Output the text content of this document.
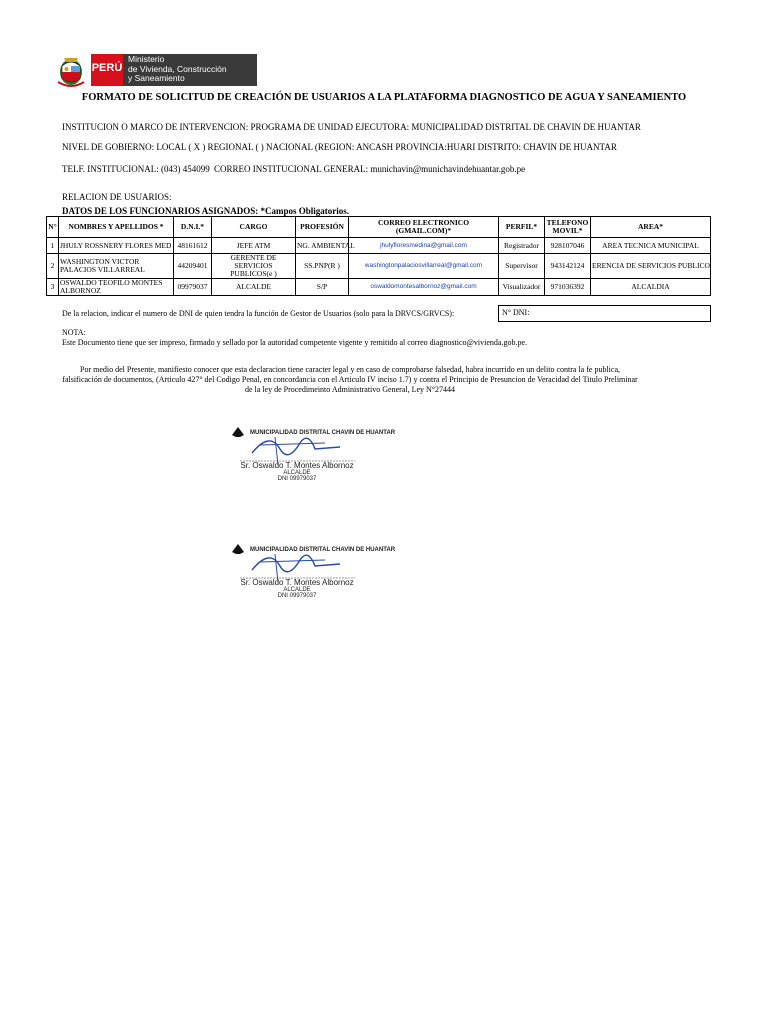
PERÚ
Ministerio
de Vivienda, Construcción
y Saneamiento
FORMATO DE SOLICITUD DE CREACIÓN DE USUARIOS A LA PLATAFORMA DIAGNOSTICO DE AGUA Y SANEAMIENTO
INSTITUCION O MARCO DE INTERVENCION: PROGRAMA DE UNIDAD EJECUTORA: MUNICIPALIDAD DISTRITAL DE CHAVIN DE HUANTAR
NIVEL DE GOBIERNO: LOCAL ( X ) REGIONAL ( ) NACIONAL (REGION: ANCASH PROVINCIA:HUARI DISTRITO: CHAVIN DE HUANTAR
TELF. INSTITUCIONAL: (043) 454099 CORREO INSTITUCIONAL GENERAL: munichavin@munichavindehuantar.gob.pe
RELACION DE USUARIOS:
DATOS DE LOS FUNCIONARIOS ASIGNADOS: *Campos Obligatorios.
N°	NOMBRES Y APELLIDOS *	D.N.I.*	CARGO	PROFESIÓN	CORREO ELECTRONICO (GMAIL.COM)*	PERFIL*	TELEFONO MOVIL*	AREA*
1	JHULY ROSSNERY FLORES MED	48161612	JEFE ATM	NG. AMBIENTAL	jhulyfloresmedina@gmail.com	Registrador	928107046	AREA TECNICA MUNICIPAL
2	WASHINGTON VICTOR PALACIOS VILLARREAL	44209401	GERENTE DE SERVICIOS PUBLICOS(e )	SS.PNP(R )	washingtonpalaciosvillarreal@gmail.com	Supervisor	943142124	ERENCIA DE SERVICIOS PUBLICO
3	OSWALDO TEOFILO MONTES ALBORNOZ	09979037	ALCALDE	S/P	oswaldomontesalbornoz@gmail.com	Visualizador	971036392	ALCALDIA
De la relacion, indicar el numero de DNI de quien tendra la función de Gestor de Usuarios (solo para la DRVCS/GRVCS):	N° DNI:
NOTA:
Este Documento tiene que ser impreso, firmado y sellado por la autoridad competente vigente y remitido al correo diagnostico@vivienda.gob.pe.
Por medio del Presente, manifiesto conocer que esta declaracion tiene caracter legal y en caso de comprobarse falsedad, habra incurrido en un delito contra la fe publica, falsificación de documentos, (Articulo 427° del Codigo Penal, en concordancia con el Articulo IV inciso 1.7) y contra el Principio de Presuncion de Veracidad del Titulo Preliminar de la ley de Procedimeinto Administrativo General, Ley N°27444
MUNICIPALIDAD DISTRITAL CHAVIN DE HUANTAR
Sr. Oswaldo T. Montes Albornoz
ALCALDE
DNI 09979037
MUNICIPALIDAD DISTRITAL CHAVIN DE HUANTAR
Sr. Oswaldo T. Montes Albornoz
ALCALDE
DNI 09979037
